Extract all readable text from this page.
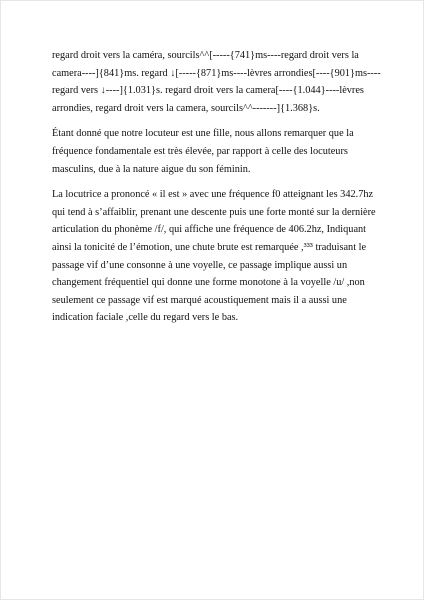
regard droit vers la caméra, sourcils^^[-----{741}ms----regard droit vers la camera----]{841}ms. regard ↓[-----{871}ms----lèvres arrondies[----{901}ms----regard vers ↓----]{1.031}s. regard droit vers la camera[----{1.044}----lèvres arrondies, regard droit vers la camera, sourcils^^-------]{1.368}s.

Étant donné que notre locuteur est une fille, nous allons remarquer que la fréquence fondamentale est très élevée, par rapport à celle des locuteurs masculins, due à la nature aigue du son féminin.

La locutrice a prononcé « il est » avec une fréquence f0 atteignant les 342.7hz qui tend à s’affaiblir, prenant une descente puis une forte monté sur la dernière articulation du phonème /f/, qui affiche une fréquence de 406.2hz, Indiquant ainsi la tonicité de l’émotion, une chute brute est remarquée ,³³³ traduisant le passage vif d’une consonne à une voyelle, ce passage implique aussi un changement fréquentiel qui donne une forme monotone à la voyelle /u/ ,non seulement ce passage vif est marqué acoustiquement mais il a aussi une indication faciale ,celle du regard vers le bas.
